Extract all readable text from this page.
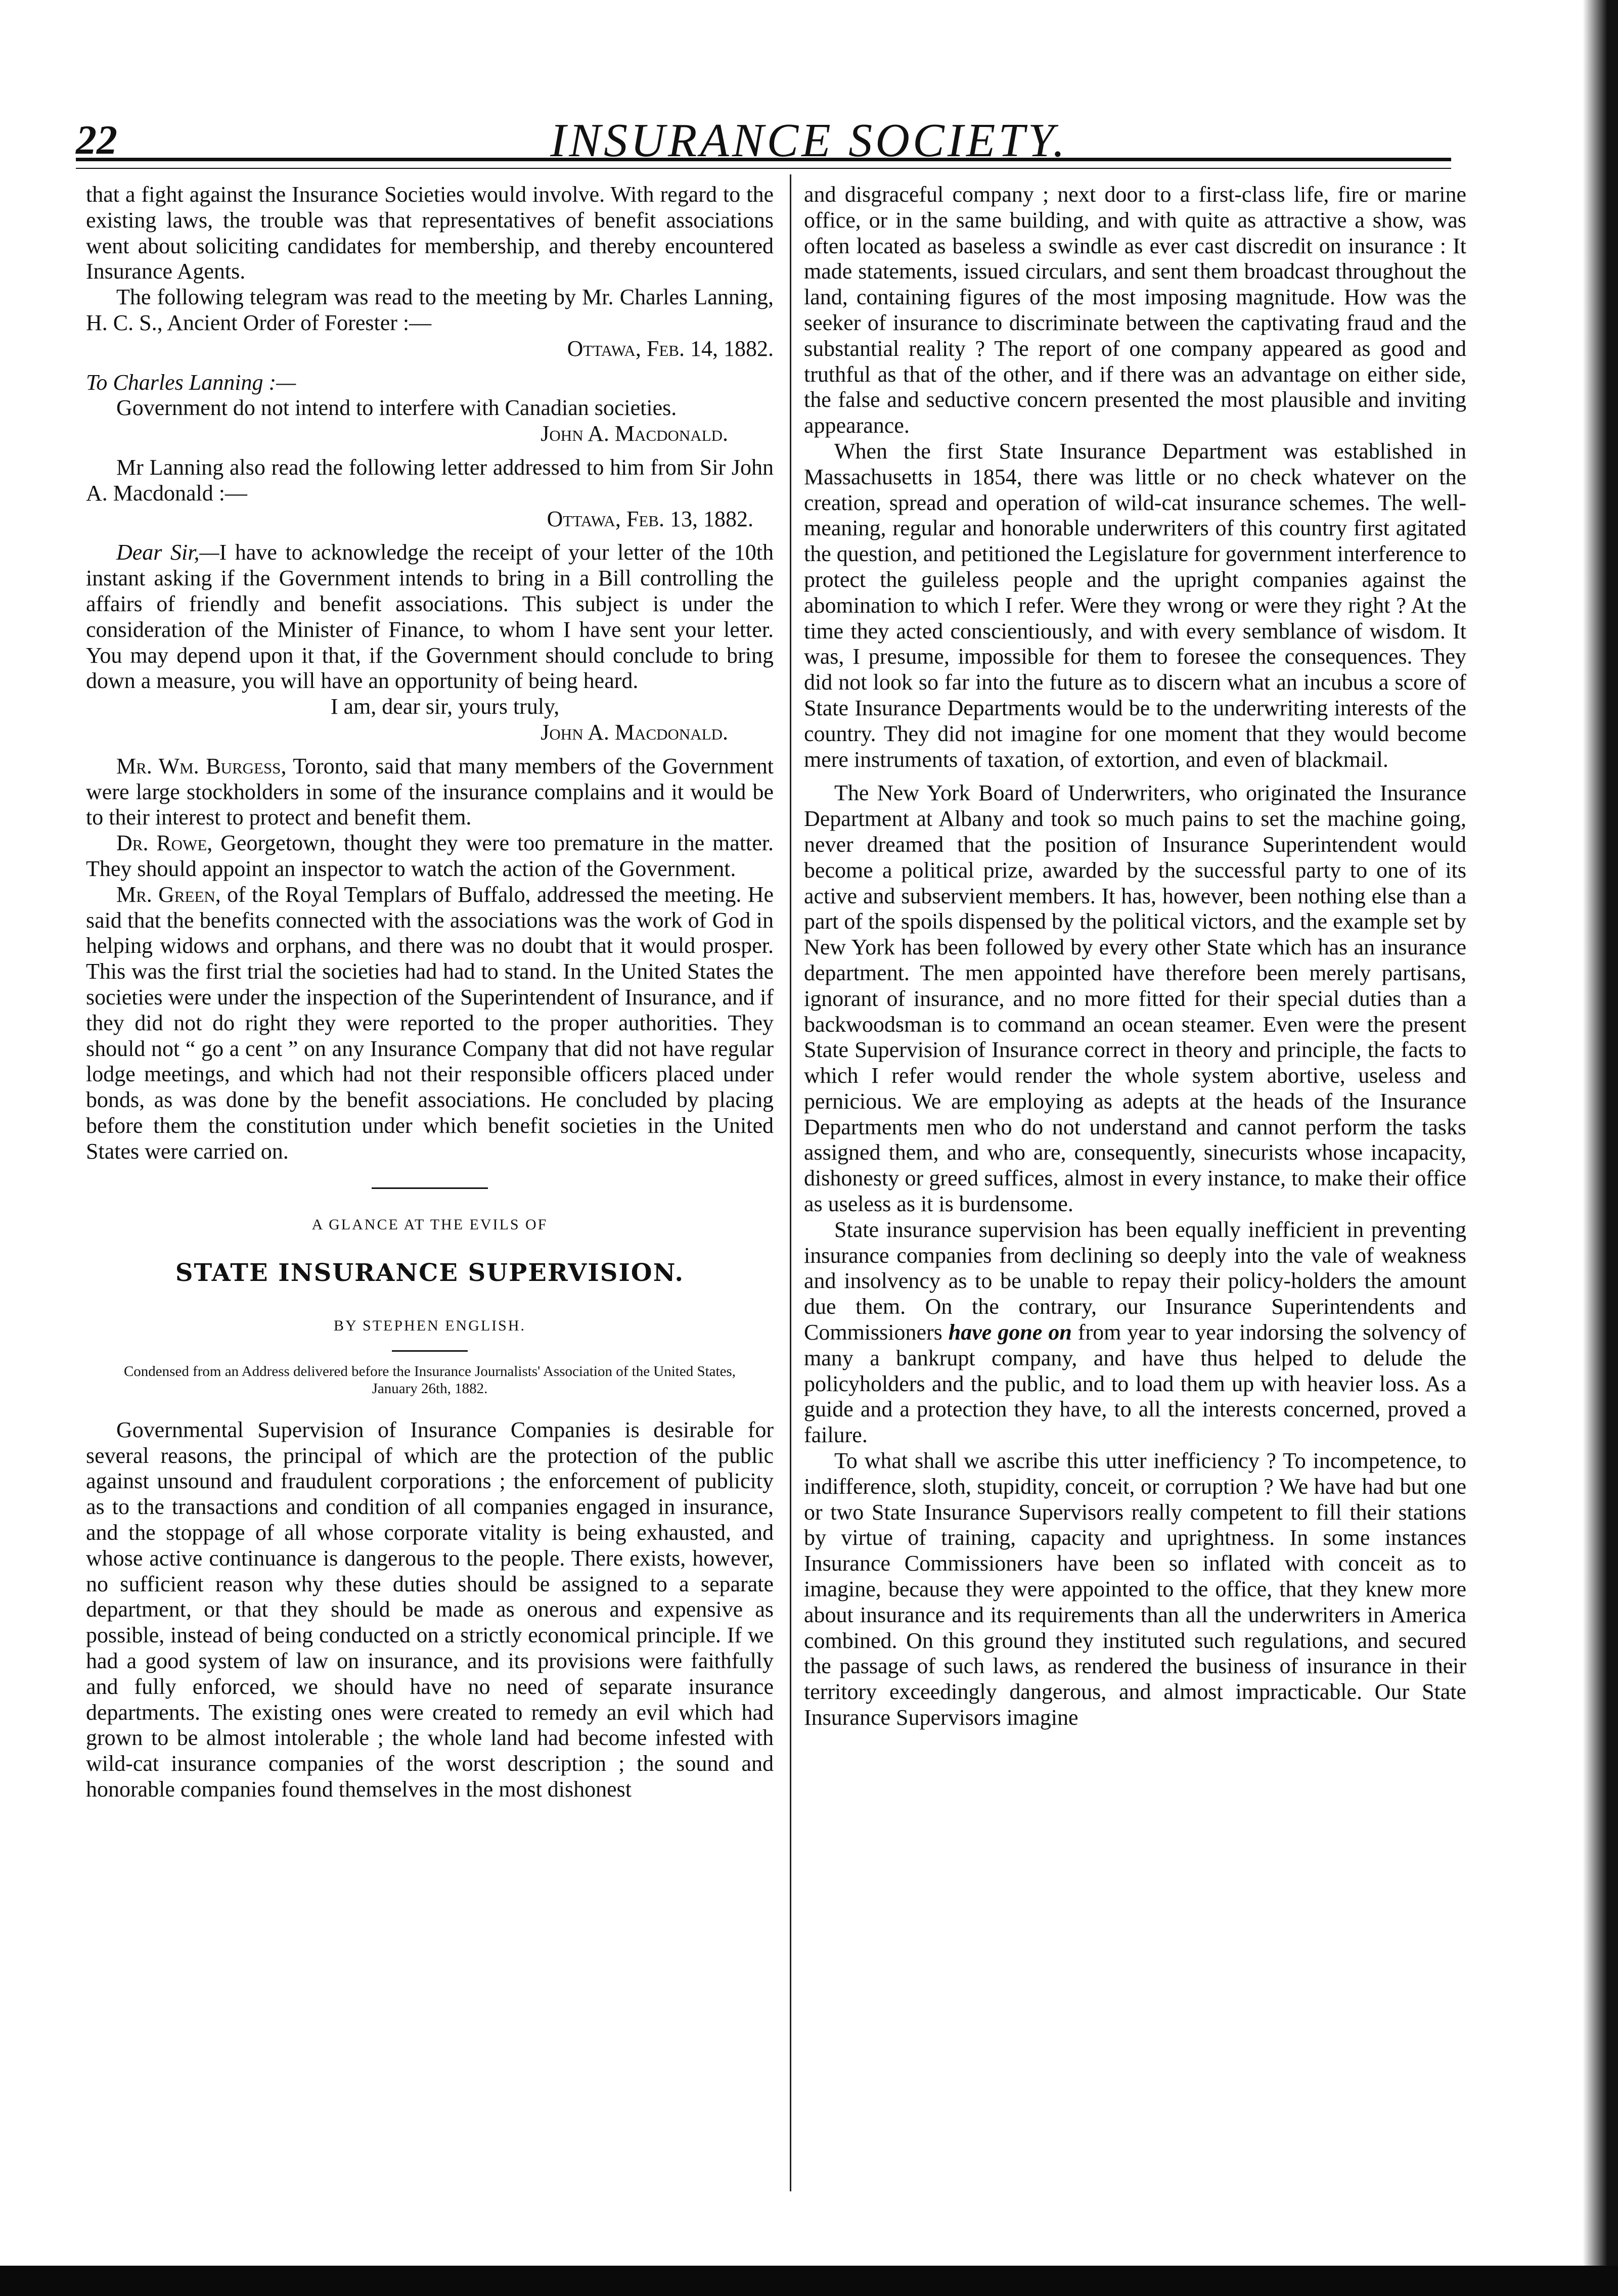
22	INSURANCE SOCIETY.

that a fight against the Insurance Societies would involve. With regard to the existing laws, the trouble was that representatives of benefit associations went about soliciting candidates for membership, and thereby encountered Insurance Agents.

The following telegram was read to the meeting by Mr. Charles Lanning, H. C. S., Ancient Order of Forester :—

Ottawa, Feb. 14, 1882.

To Charles Lanning :—

Government do not intend to interfere with Canadian societies.

John A. Macdonald.

Mr Lanning also read the following letter addressed to him from Sir John A. Macdonald :—

Ottawa, Feb. 13, 1882.

Dear Sir,—I have to acknowledge the receipt of your letter of the 10th instant asking if the Government intends to bring in a Bill controlling the affairs of friendly and benefit associations. This subject is under the consideration of the Minister of Finance, to whom I have sent your letter. You may depend upon it that, if the Government should conclude to bring down a measure, you will have an opportunity of being heard.

I am, dear sir, yours truly,

John A. Macdonald.

Mr. Wm. Burgess, Toronto, said that many members of the Government were large stockholders in some of the insurance complains and it would be to their interest to protect and benefit them.

Dr. Rowe, Georgetown, thought they were too premature in the matter. They should appoint an inspector to watch the action of the Government.

Mr. Green, of the Royal Templars of Buffalo, addressed the meeting. He said that the benefits connected with the associations was the work of God in helping widows and orphans, and there was no doubt that it would prosper. This was the first trial the societies had had to stand. In the United States the societies were under the inspection of the Superintendent of Insurance, and if they did not do right they were reported to the proper authorities. They should not “ go a cent ” on any Insurance Company that did not have regular lodge meetings, and which had not their responsible officers placed under bonds, as was done by the benefit associations. He concluded by placing before them the constitution under which benefit societies in the United States were carried on.

A GLANCE AT THE EVILS OF

STATE INSURANCE SUPERVISION.

BY STEPHEN ENGLISH.

Condensed from an Address delivered before the Insurance Journalists' Association of the United States, January 26th, 1882.

Governmental Supervision of Insurance Companies is desirable for several reasons, the principal of which are the protection of the public against unsound and fraudulent corporations ; the enforcement of publicity as to the transactions and condition of all companies engaged in insurance, and the stoppage of all whose corporate vitality is being exhausted, and whose active continuance is dangerous to the people. There exists, however, no sufficient reason why these duties should be assigned to a separate department, or that they should be made as onerous and expensive as possible, instead of being conducted on a strictly economical principle. If we had a good system of law on insurance, and its provisions were faithfully and fully enforced, we should have no need of separate insurance departments. The existing ones were created to remedy an evil which had grown to be almost intolerable ; the whole land had become infested with wild-cat insurance companies of the worst description ; the sound and honorable companies found themselves in the most dishonest

and disgraceful company ; next door to a first-class life, fire or marine office, or in the same building, and with quite as attractive a show, was often located as baseless a swindle as ever cast discredit on insurance : It made statements, issued circulars, and sent them broadcast throughout the land, containing figures of the most imposing magnitude. How was the seeker of insurance to discriminate between the captivating fraud and the substantial reality ? The report of one company appeared as good and truthful as that of the other, and if there was an advantage on either side, the false and seductive concern presented the most plausible and inviting appearance.

When the first State Insurance Department was established in Massachusetts in 1854, there was little or no check whatever on the creation, spread and operation of wild-cat insurance schemes. The well-meaning, regular and honorable underwriters of this country first agitated the question, and petitioned the Legislature for government interference to protect the guileless people and the upright companies against the abomination to which I refer. Were they wrong or were they right ? At the time they acted conscientiously, and with every semblance of wisdom. It was, I presume, impossible for them to foresee the consequences. They did not look so far into the future as to discern what an incubus a score of State Insurance Departments would be to the underwriting interests of the country. They did not imagine for one moment that they would become mere instruments of taxation, of extortion, and even of blackmail.

The New York Board of Underwriters, who originated the Insurance Department at Albany and took so much pains to set the machine going, never dreamed that the position of Insurance Superintendent would become a political prize, awarded by the successful party to one of its active and subservient members. It has, however, been nothing else than a part of the spoils dispensed by the political victors, and the example set by New York has been followed by every other State which has an insurance department. The men appointed have therefore been merely partisans, ignorant of insurance, and no more fitted for their special duties than a backwoodsman is to command an ocean steamer. Even were the present State Supervision of Insurance correct in theory and principle, the facts to which I refer would render the whole system abortive, useless and pernicious. We are employing as adepts at the heads of the Insurance Departments men who do not understand and cannot perform the tasks assigned them, and who are, consequently, sinecurists whose incapacity, dishonesty or greed suffices, almost in every instance, to make their office as useless as it is burdensome.

State insurance supervision has been equally inefficient in preventing insurance companies from declining so deeply into the vale of weakness and insolvency as to be unable to repay their policy-holders the amount due them. On the contrary, our Insurance Superintendents and Commissioners have gone on from year to year indorsing the solvency of many a bankrupt company, and have thus helped to delude the policyholders and the public, and to load them up with heavier loss. As a guide and a protection they have, to all the interests concerned, proved a failure.

To what shall we ascribe this utter inefficiency ? To incompetence, to indifference, sloth, stupidity, conceit, or corruption ? We have had but one or two State Insurance Supervisors really competent to fill their stations by virtue of training, capacity and uprightness. In some instances Insurance Commissioners have been so inflated with conceit as to imagine, because they were appointed to the office, that they knew more about insurance and its requirements than all the underwriters in America combined. On this ground they instituted such regulations, and secured the passage of such laws, as rendered the business of insurance in their territory exceedingly dangerous, and almost impracticable. Our State Insurance Supervisors imagine
